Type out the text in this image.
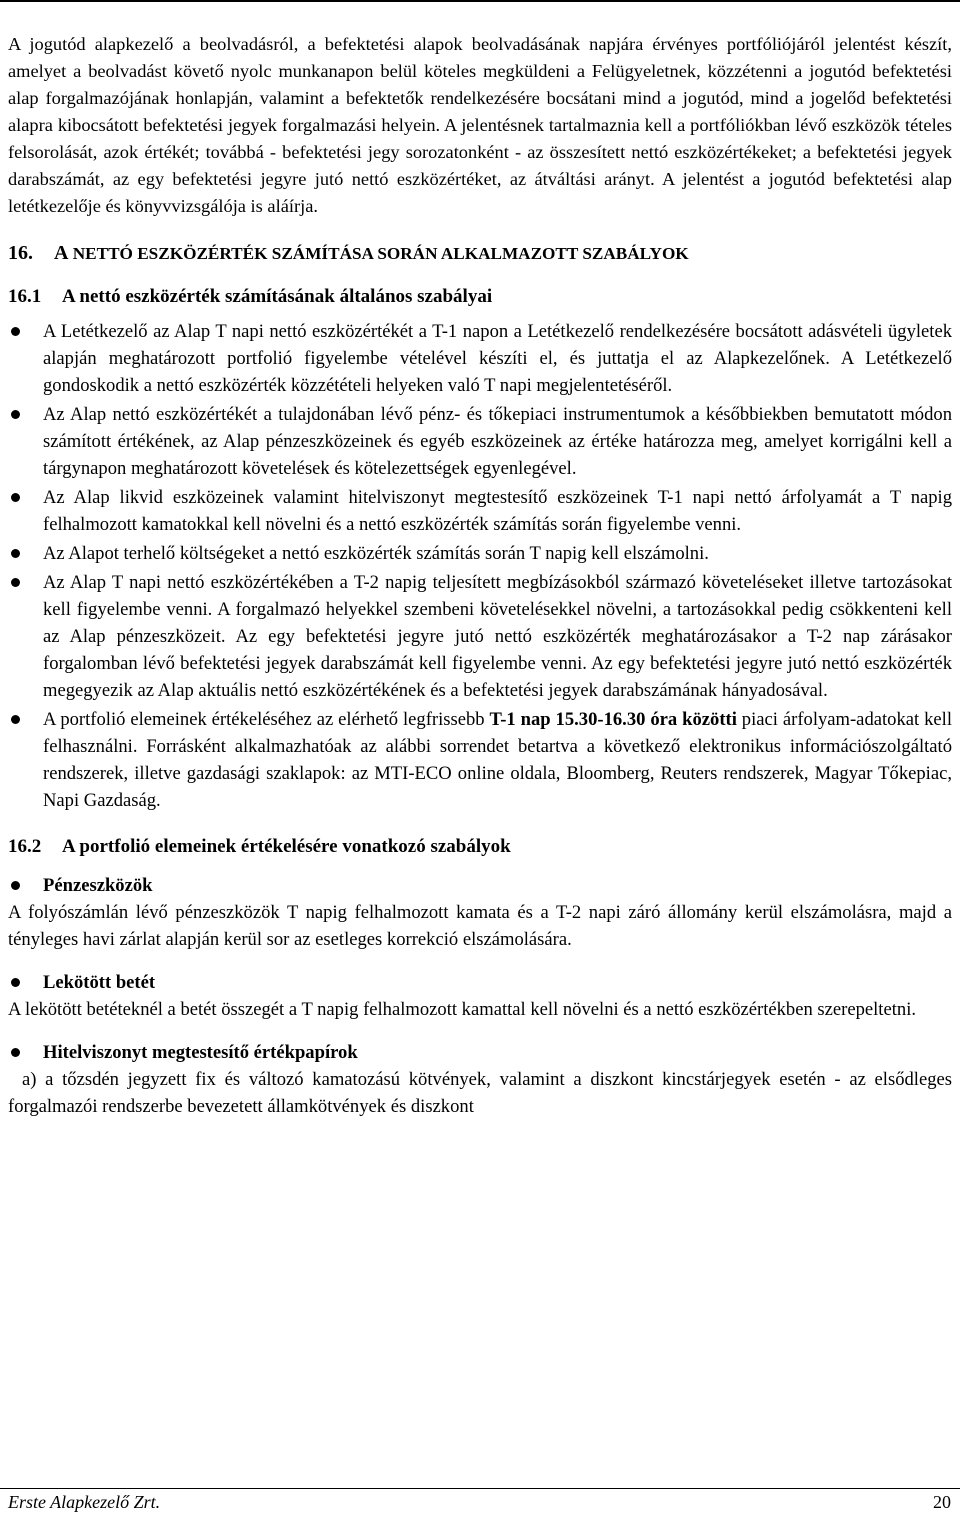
A jogutód alapkezelő a beolvadásról, a befektetési alapok beolvadásának napjára érvényes portfóliójáról jelentést készít, amelyet a beolvadást követő nyolc munkanapon belül köteles megküldeni a Felügyeletnek, közzétenni a jogutód befektetési alap forgalmazójának honlapján, valamint a befektetők rendelkezésére bocsátani mind a jogutód, mind a jogelőd befektetési alapra kibocsátott befektetési jegyek forgalmazási helyein. A jelentésnek tartalmaznia kell a portfóliókban lévő eszközök tételes felsorolását, azok értékét; továbbá - befektetési jegy sorozatonként - az összesített nettó eszközértékeket; a befektetési jegyek darabszámát, az egy befektetési jegyre jutó nettó eszközértéket, az átváltási arányt. A jelentést a jogutód befektetési alap letétkezelője és könyvvizsgálója is aláírja.

16. A NETTÓ ESZKÖZÉRTÉK SZÁMÍTÁSA SORÁN ALKALMAZOTT SZABÁLYOK
16.1 A nettó eszközérték számításának általános szabályai
A Letétkezelő az Alap T napi nettó eszközértékét a T-1 napon a Letétkezelő rendelkezésére bocsátott adásvételi ügyletek alapján meghatározott portfolió figyelembe vételével készíti el, és juttatja el az Alapkezelőnek. A Letétkezelő gondoskodik a nettó eszközérték közzétételi helyeken való T napi megjelentetéséről.
Az Alap nettó eszközértékét a tulajdonában lévő pénz- és tőkepiaci instrumentumok a későbbiekben bemutatott módon számított értékének, az Alap pénzeszközeinek és egyéb eszközeinek az értéke határozza meg, amelyet korrigálni kell a tárgynapon meghatározott követelések és kötelezettségek egyenlegével.
Az Alap likvid eszközeinek valamint hitelviszonyt megtestesítő eszközeinek T-1 napi nettó árfolyamát a T napig felhalmozott kamatokkal kell növelni és a nettó eszközérték számítás során figyelembe venni.
Az Alapot terhelő költségeket a nettó eszközérték számítás során T napig kell elszámolni.
Az Alap T napi nettó eszközértékében a T-2 napig teljesített megbízásokból származó követeléseket illetve tartozásokat kell figyelembe venni. A forgalmazó helyekkel szembeni követelésekkel növelni, a tartozásokkal pedig csökkenteni kell az Alap pénzeszközeit. Az egy befektetési jegyre jutó nettó eszközérték meghatározásakor a T-2 nap zárásakor forgalomban lévő befektetési jegyek darabszámát kell figyelembe venni. Az egy befektetési jegyre jutó nettó eszközérték megegyezik az Alap aktuális nettó eszközértékének és a befektetési jegyek darabszámának hányadosával.
A portfolió elemeinek értékeléséhez az elérhető legfrissebb T-1 nap 15.30-16.30 óra közötti piaci árfolyam-adatokat kell felhasználni. Forrásként alkalmazhatóak az alábbi sorrendet betartva a következő elektronikus információszolgáltató rendszerek, illetve gazdasági szaklapok: az MTI-ECO online oldala, Bloomberg, Reuters rendszerek, Magyar Tőkepiac, Napi Gazdaság.
16.2 A portfolió elemeinek értékelésére vonatkozó szabályok
Pénzeszközök

A folyószámlán lévő pénzeszközök T napig felhalmozott kamata és a T-2 napi záró állomány kerül elszámolásra, majd a tényleges havi zárlat alapján kerül sor az esetleges korrekció elszámolására.

Lekötött betét

A lekötött betéteknél a betét összegét a T napig felhalmozott kamattal kell növelni és a nettó eszközértékben szerepeltetni.

Hitelviszonyt megtestesítő értékpapírok

a) a tőzsdén jegyzett fix és változó kamatozású kötvények, valamint a diszkont kincstárjegyek esetén - az elsődleges forgalmazói rendszerbe bevezetett államkötvények és diszkont

Erste Alapkezelő Zrt.	20
